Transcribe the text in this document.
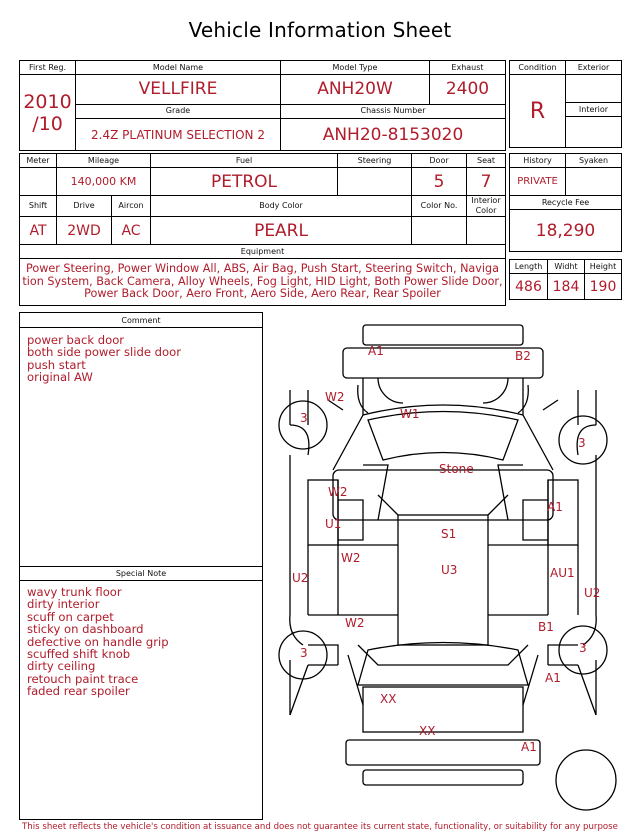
Vehicle Information Sheet
First Reg.	Model Name	Model Type	Exhaust

2010
/10	VELLFIRE	ANH20W	2400
	Grade	Chassis Number	
	2.4Z PLATINUM SELECTION 2	ANH20-8153020	
Condition	Exterior
R	
	Interior

Meter	Mileage		Fuel	Steering	Door	Seat
	140,000 KM		PETROL		5	7
Shift	Drive	Aircon	Body Color		Color No.	Interior Color
AT	2WD	AC	PEARL			
Equipment						
Power Steering, Power Window All, ABS, Air Bag, Push Start, Steering Switch, Naviga tion System, Back Camera, Alloy Wheels, Fog Light, HID Light, Both Power Slide Door, Power Back Door, Aero Front, Aero Side, Aero Rear, Rear Spoiler						
History	Syaken
PRIVATE	
Recycle Fee	
18,290	
Length	Widht	Height
486	184	190
Comment
power back door
both side power slide door
push start
original AW
Special Note
wavy trunk floor
dirty interior
scuff on carpet
sticky on dashboard
defective on handle grip
scuffed shift knob
dirty ceiling
retouch paint trace
faded rear spoiler
A1	B2
W2
W1
3
3
Stone
W2
A1
U1
S1
W2
U3
U2	AU1
U2
W2	B1
3	3
A1
XX
XX
A1
This sheet reflects the vehicle's condition at issuance and does not guarantee its current state, functionality, or suitability for any purpose
